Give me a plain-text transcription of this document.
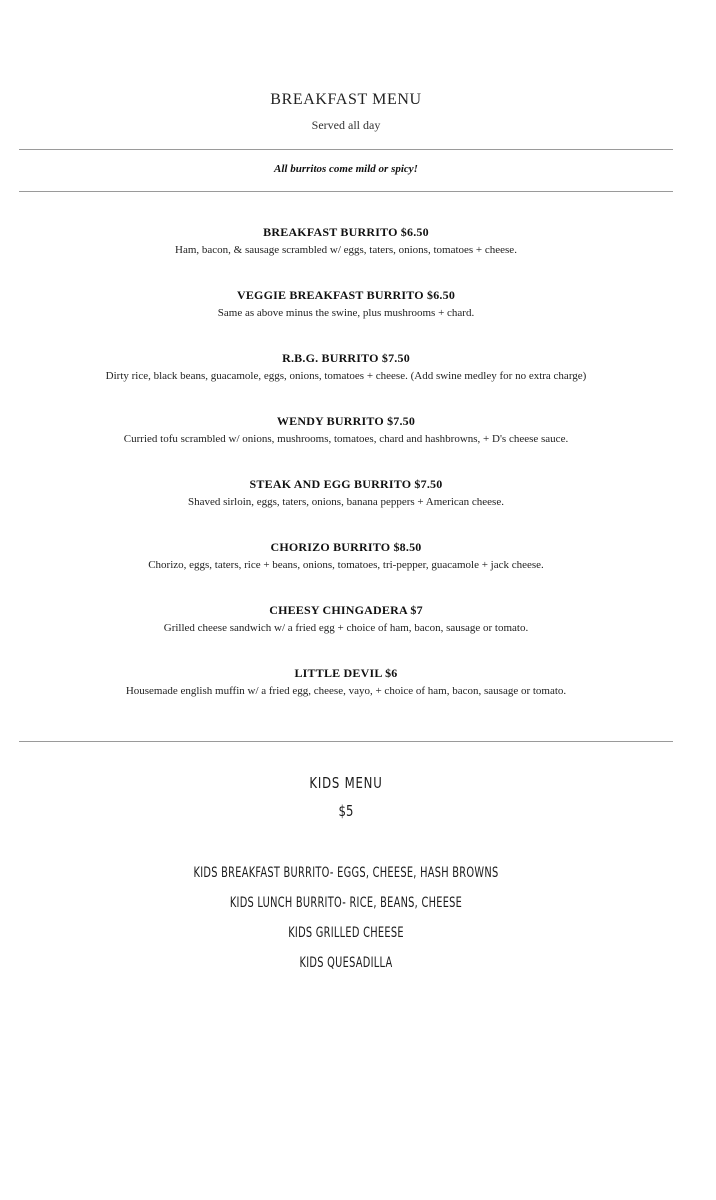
BREAKFAST MENU
Served all day
All burritos come mild or spicy!
BREAKFAST BURRITO $6.50
Ham, bacon, & sausage scrambled w/ eggs, taters, onions, tomatoes + cheese.
VEGGIE BREAKFAST BURRITO $6.50
Same as above minus the swine, plus mushrooms + chard.
R.B.G. BURRITO $7.50
Dirty rice, black beans, guacamole, eggs, onions, tomatoes + cheese. (Add swine medley for no extra charge)
WENDY BURRITO $7.50
Curried tofu scrambled w/ onions, mushrooms, tomatoes, chard and hashbrowns, + D's cheese sauce.
STEAK AND EGG BURRITO $7.50
Shaved sirloin, eggs, taters, onions, banana peppers + American cheese.
CHORIZO BURRITO $8.50
Chorizo, eggs, taters, rice + beans, onions, tomatoes, tri-pepper, guacamole + jack cheese.
CHEESY CHINGADERA $7
Grilled cheese sandwich w/ a fried egg + choice of ham, bacon, sausage or tomato.
LITTLE DEVIL $6
Housemade english muffin w/ a fried egg, cheese, vayo, + choice of ham, bacon, sausage or tomato.
KIDS MENU
$5
KIDS BREAKFAST BURRITO- EGGS, CHEESE, HASH BROWNS
KIDS LUNCH BURRITO- RICE, BEANS, CHEESE
KIDS GRILLED CHEESE
KIDS QUESADILLA
